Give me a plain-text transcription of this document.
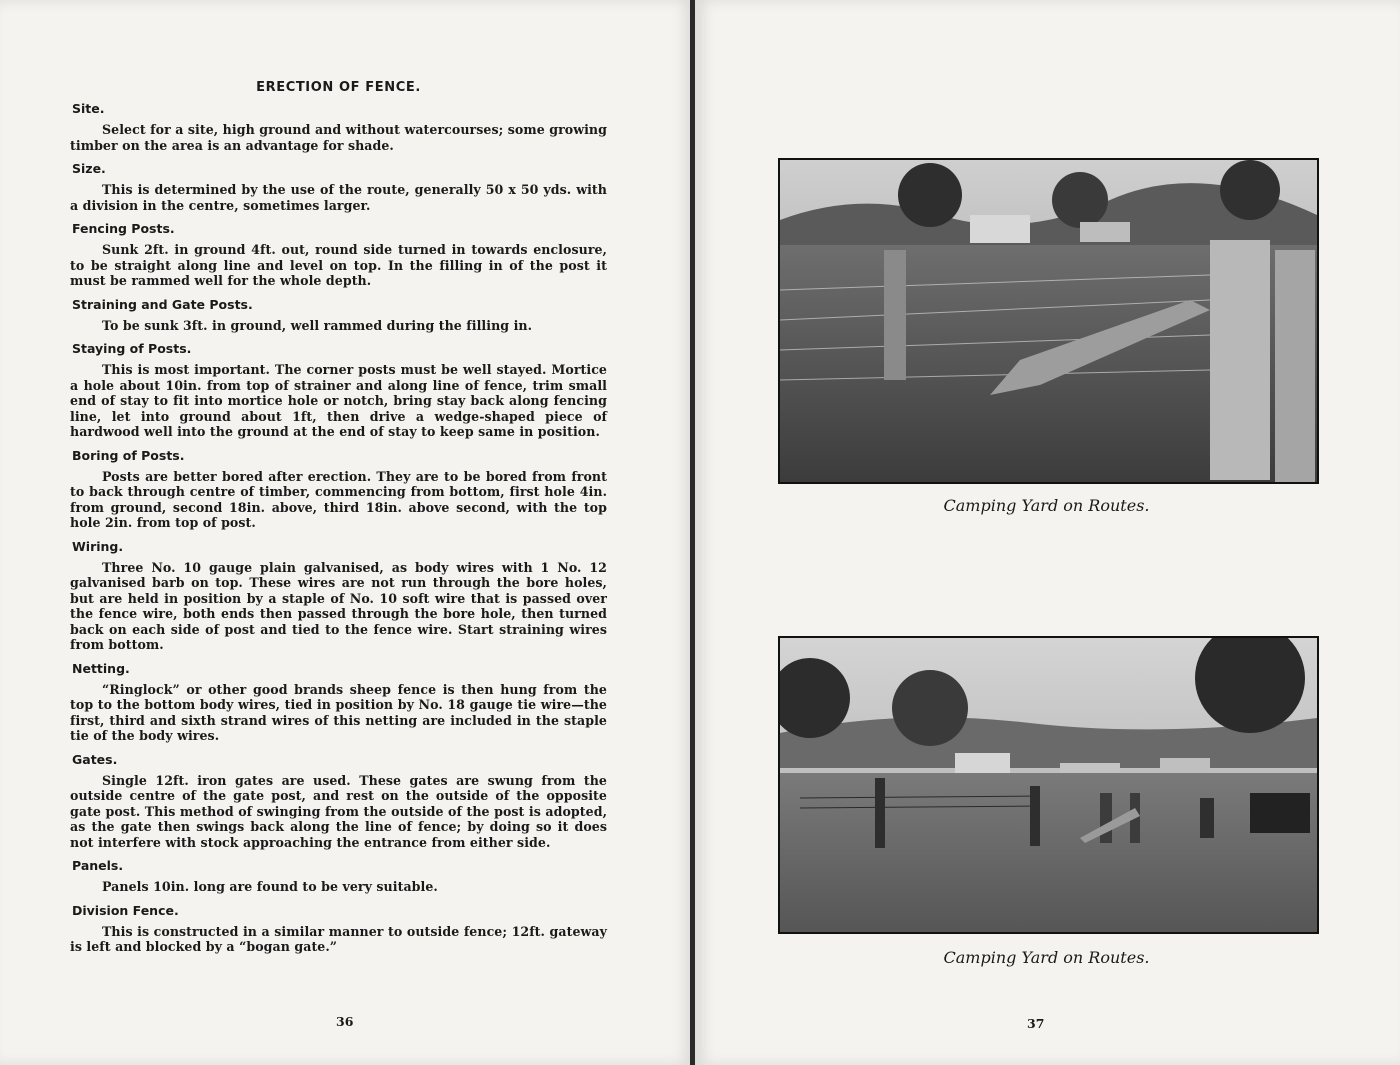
ERECTION OF FENCE.
Site.

Select for a site, high ground and without watercourses; some growing timber on the area is an advantage for shade.

Size.

This is determined by the use of the route, generally 50 x 50 yds. with a division in the centre, sometimes larger.

Fencing Posts.

Sunk 2ft. in ground 4ft. out, round side turned in towards enclosure, to be straight along line and level on top. In the filling in of the post it must be rammed well for the whole depth.

Straining and Gate Posts.

To be sunk 3ft. in ground, well rammed during the filling in.

Staying of Posts.

This is most important. The corner posts must be well stayed. Mortice a hole about 10in. from top of strainer and along line of fence, trim small end of stay to fit into mortice hole or notch, bring stay back along fencing line, let into ground about 1ft, then drive a wedge-shaped piece of hardwood well into the ground at the end of stay to keep same in position.

Boring of Posts.

Posts are better bored after erection. They are to be bored from front to back through centre of timber, commencing from bottom, first hole 4in. from ground, second 18in. above, third 18in. above second, with the top hole 2in. from top of post.

Wiring.

Three No. 10 gauge plain galvanised, as body wires with 1 No. 12 galvanised barb on top. These wires are not run through the bore holes, but are held in position by a staple of No. 10 soft wire that is passed over the fence wire, both ends then passed through the bore hole, then turned back on each side of post and tied to the fence wire. Start straining wires from bottom.

Netting.

“Ringlock” or other good brands sheep fence is then hung from the top to the bottom body wires, tied in position by No. 18 gauge tie wire—the first, third and sixth strand wires of this netting are included in the staple tie of the body wires.

Gates.

Single 12ft. iron gates are used. These gates are swung from the outside centre of the gate post, and rest on the outside of the opposite gate post. This method of swinging from the outside of the post is adopted, as the gate then swings back along the line of fence; by doing so it does not interfere with stock approaching the entrance from either side.

Panels.

Panels 10in. long are found to be very suitable.

Division Fence.

This is constructed in a similar manner to outside fence; 12ft. gateway is left and blocked by a “bogan gate.”

36
Camping Yard on Routes.
Camping Yard on Routes.
37
